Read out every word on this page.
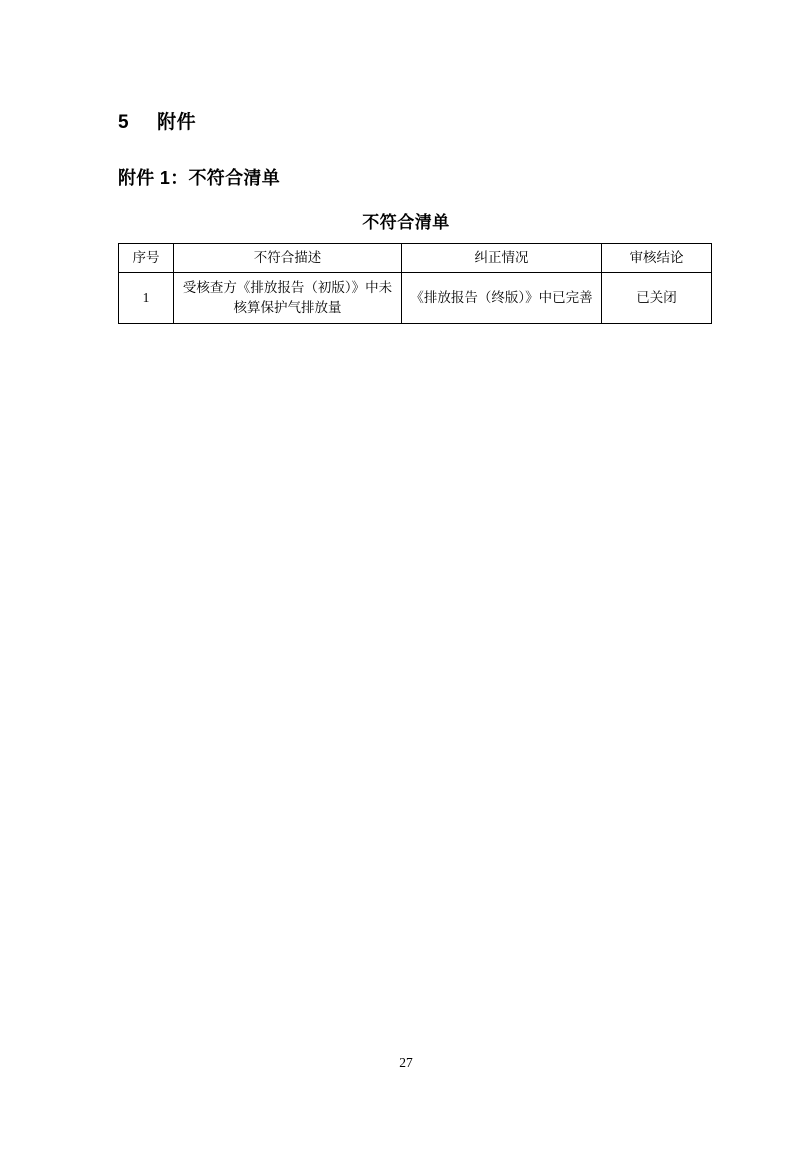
5 附件
附件 1：不符合清单
不符合清单
序号	不符合描述	纠正情况	审核结论
1	受核查方《排放报告（初版）》中未核算保护气排放量	《排放报告（终版）》中已完善	已关闭
27
